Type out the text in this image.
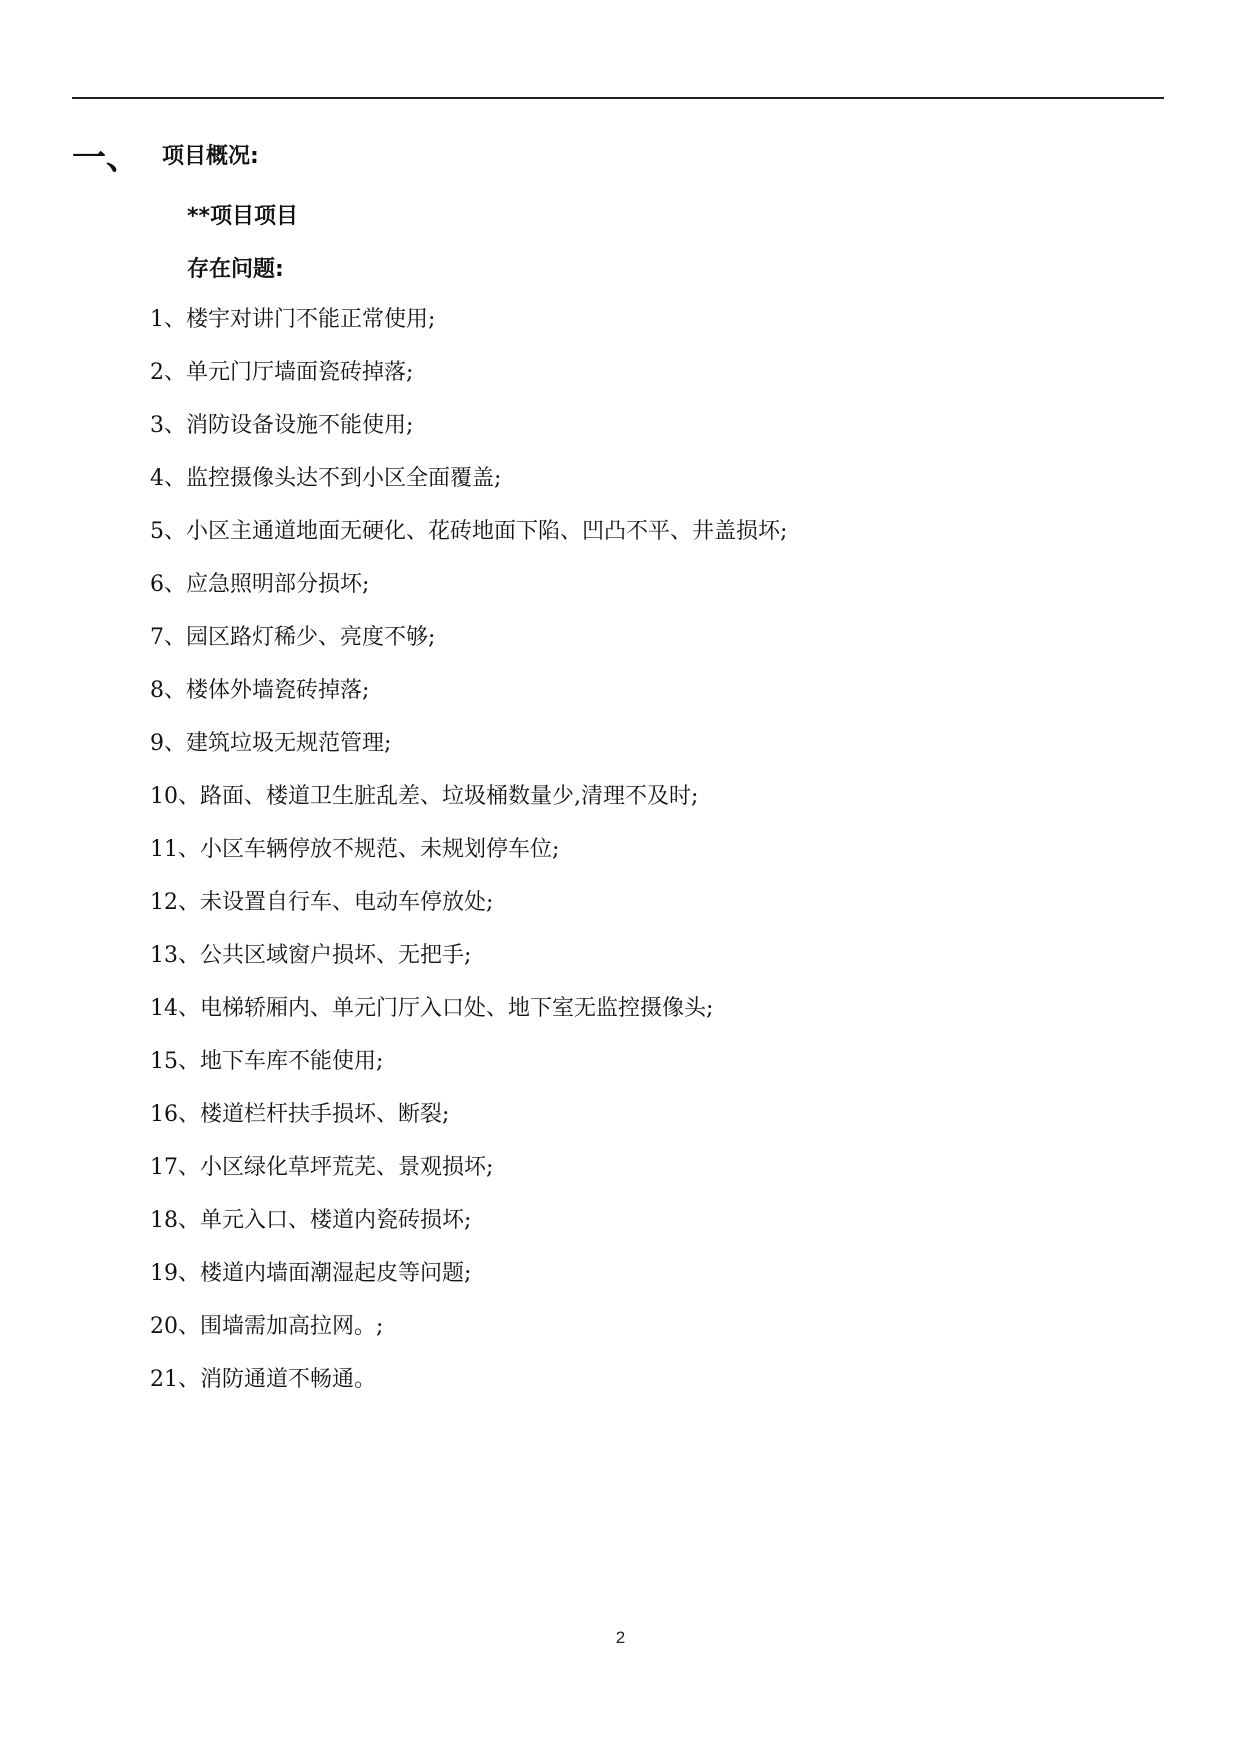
一、 项目概况:
**项目项目
存在问题:
1、楼宇对讲门不能正常使用;
2、单元门厅墙面瓷砖掉落;
3、消防设备设施不能使用;
4、监控摄像头达不到小区全面覆盖;
5、小区主通道地面无硬化、花砖地面下陷、凹凸不平、井盖损坏;
6、应急照明部分损坏;
7、园区路灯稀少、亮度不够;
8、楼体外墙瓷砖掉落;
9、建筑垃圾无规范管理;
10、路面、楼道卫生脏乱差、垃圾桶数量少,清理不及时;
11、小区车辆停放不规范、未规划停车位;
12、未设置自行车、电动车停放处;
13、公共区域窗户损坏、无把手;
14、电梯轿厢内、单元门厅入口处、地下室无监控摄像头;
15、地下车库不能使用;
16、楼道栏杆扶手损坏、断裂;
17、小区绿化草坪荒芜、景观损坏;
18、单元入口、楼道内瓷砖损坏;
19、楼道内墙面潮湿起皮等问题;
20、围墙需加高拉网。;
21、消防通道不畅通。
2
